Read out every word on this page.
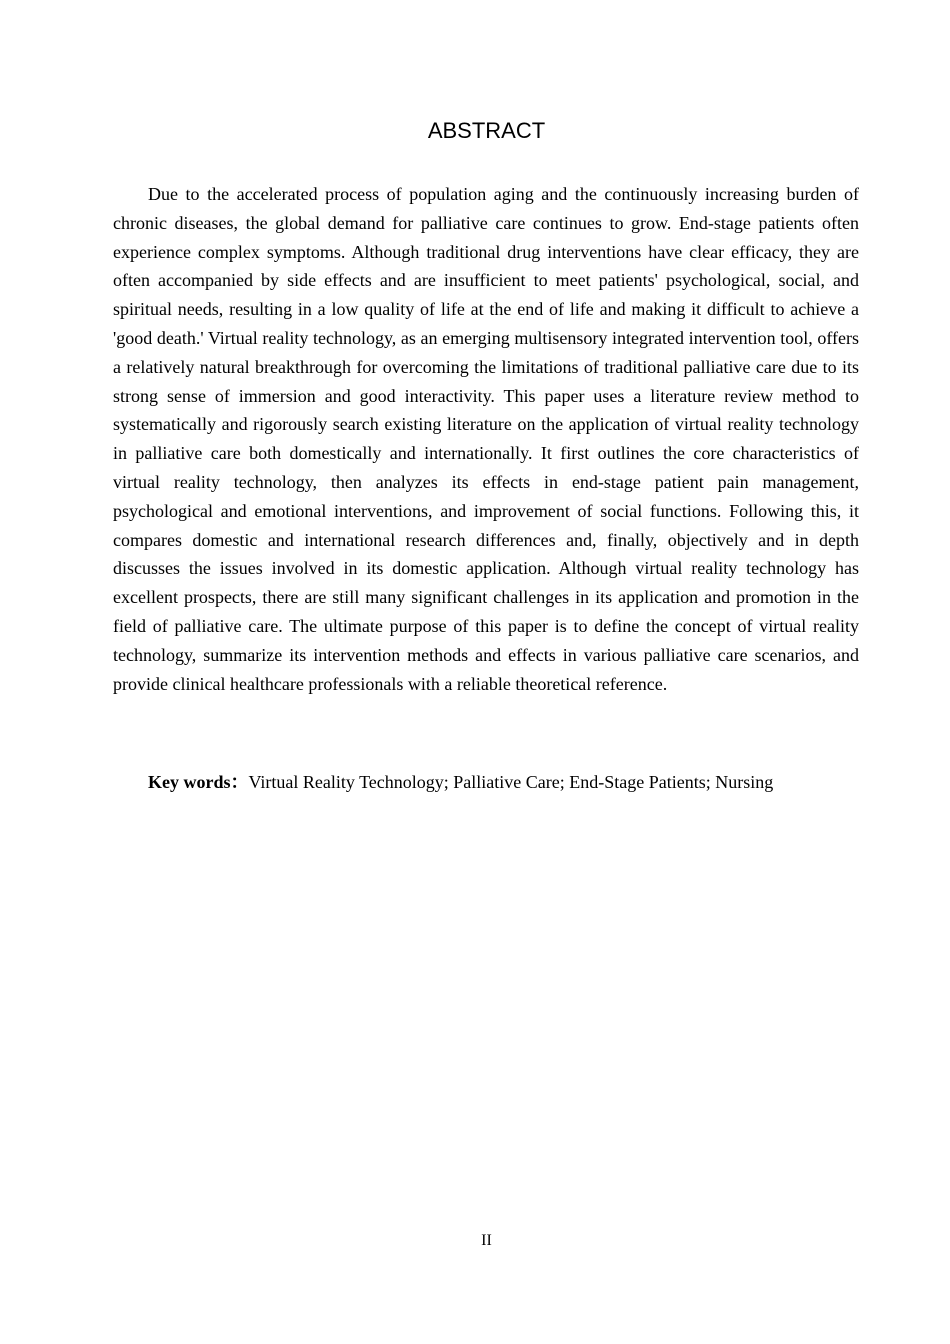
ABSTRACT

Due to the accelerated process of population aging and the continuously increasing burden of chronic diseases, the global demand for palliative care continues to grow. End-stage patients often experience complex symptoms. Although traditional drug interventions have clear efficacy, they are often accompanied by side effects and are insufficient to meet patients' psychological, social, and spiritual needs, resulting in a low quality of life at the end of life and making it difficult to achieve a 'good death.' Virtual reality technology, as an emerging multisensory integrated intervention tool, offers a relatively natural breakthrough for overcoming the limitations of traditional palliative care due to its strong sense of immersion and good interactivity. This paper uses a literature review method to systematically and rigorously search existing literature on the application of virtual reality technology in palliative care both domestically and internationally. It first outlines the core characteristics of virtual reality technology, then analyzes its effects in end-stage patient pain management, psychological and emotional interventions, and improvement of social functions. Following this, it compares domestic and international research differences and, finally, objectively and in depth discusses the issues involved in its domestic application. Although virtual reality technology has excellent prospects, there are still many significant challenges in its application and promotion in the field of palliative care. The ultimate purpose of this paper is to define the concept of virtual reality technology, summarize its intervention methods and effects in various palliative care scenarios, and provide clinical healthcare professionals with a reliable theoretical reference.

Key words：Virtual Reality Technology; Palliative Care; End-Stage Patients; Nursing

II
